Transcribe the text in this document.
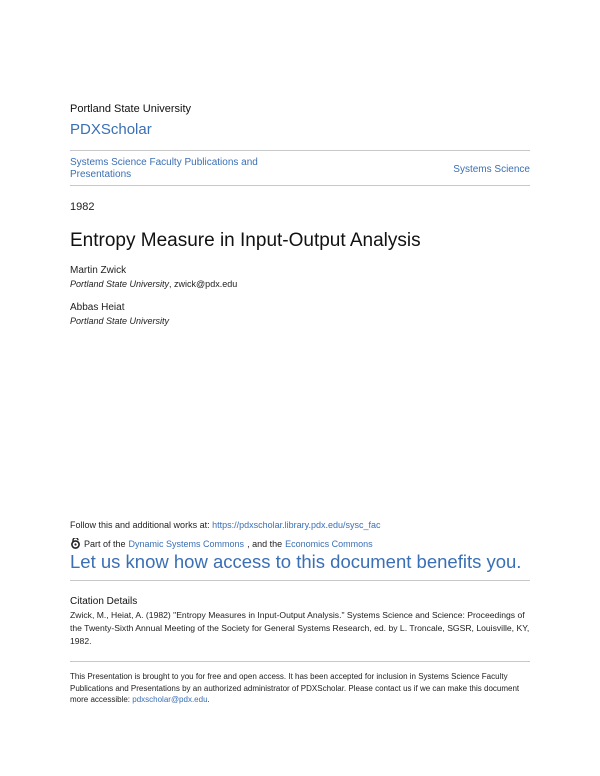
Portland State University
PDXScholar
Systems Science Faculty Publications and Presentations	Systems Science
1982
Entropy Measure in Input-Output Analysis
Martin Zwick
Portland State University, zwick@pdx.edu
Abbas Heiat
Portland State University
Follow this and additional works at: https://pdxscholar.library.pdx.edu/sysc_fac
Part of the Dynamic Systems Commons , and the Economics Commons
Let us know how access to this document benefits you.
Citation Details
Zwick, M., Heiat, A. (1982) "Entropy Measures in Input-Output Analysis." Systems Science and Science: Proceedings of the Twenty-Sixth Annual Meeting of the Society for General Systems Research, ed. by L. Troncale, SGSR, Louisville, KY, 1982.
This Presentation is brought to you for free and open access. It has been accepted for inclusion in Systems Science Faculty Publications and Presentations by an authorized administrator of PDXScholar. Please contact us if we can make this document more accessible: pdxscholar@pdx.edu.
